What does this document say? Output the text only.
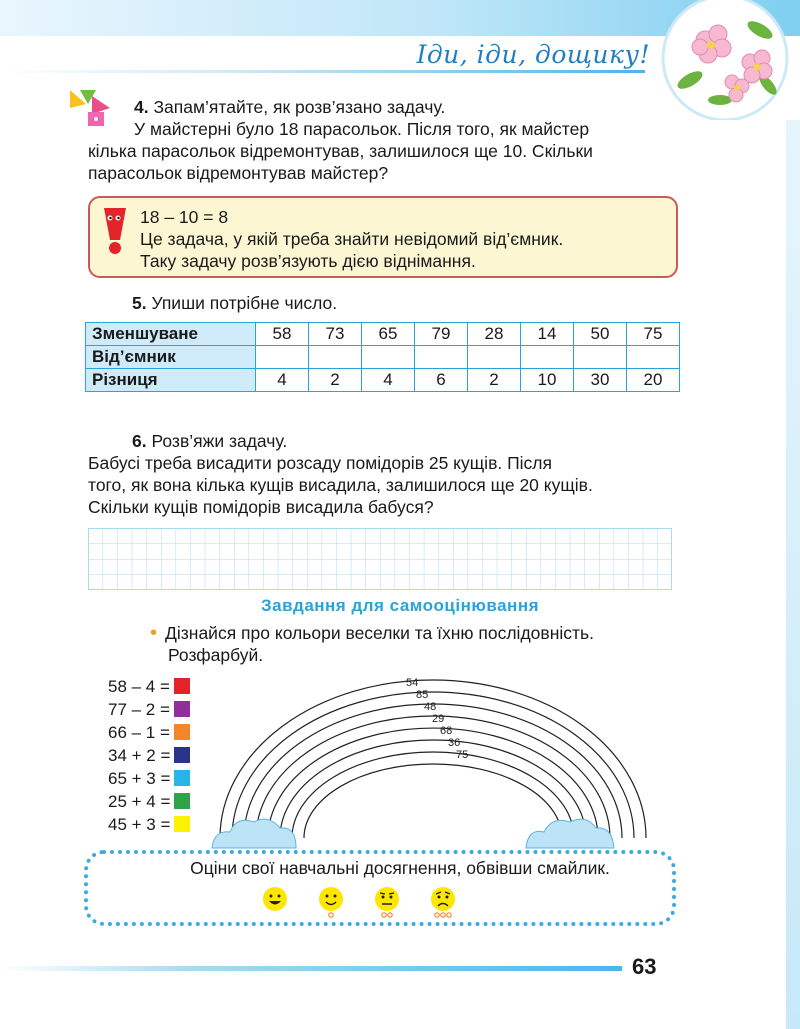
Іди, іди, дощику!
4. Запам’ятайте, як розв’язано задачу.
У майстерні було 18 парасольок. Після того, як майстер
кілька парасольок відремонтував, залишилося ще 10. Скільки
парасольок відремонтував майстер?
18 – 10 = 8
Це задача, у якій треба знайти невідомий від’ємник.
Таку задачу розв’язують дією віднімання.
5. Упиши потрібне число.
Зменшуване	58	73	65	79	28	14	50	75
Від’ємник								
Різниця	4	2	4	6	2	10	30	20
6. Розв’яжи задачу.
Бабусі треба висадити розсаду помідорів 25 кущів. Після
того, як вона кілька кущів висадила, залишилося ще 20 кущів.
Скільки кущів помідорів висадила бабуся?
Завдання для самооцінювання
• Дізнайся про кольори веселки та їхню послідовність.
Розфарбуй.
58 – 4 =
77 – 2 =
66 – 1 =
34 + 2 =
65 + 3 =
25 + 4 =
45 + 3 =
54
85
48
29
68
36
75
Оціни свої навчальні досягнення, обвівши смайлик.
63
